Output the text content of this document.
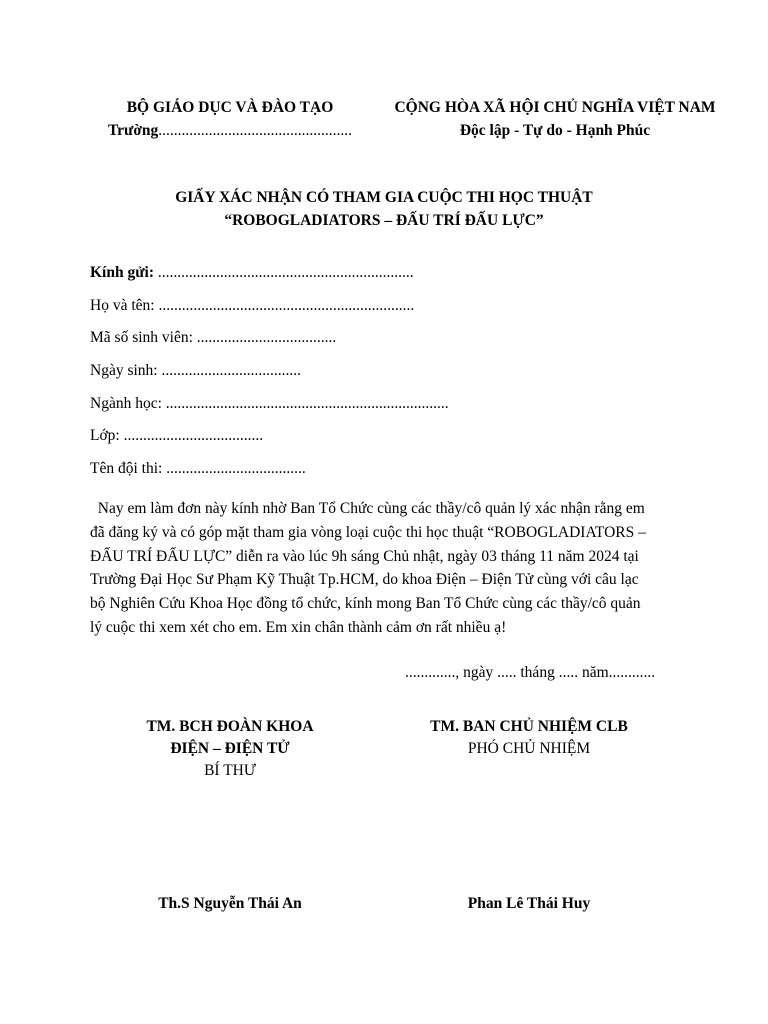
BỘ GIÁO DỤC VÀ ĐÀO TẠO
Trường..................................................
CỘNG HÒA XÃ HỘI CHỦ NGHĨA VIỆT NAM
Độc lập - Tự do - Hạnh Phúc
GIẤY XÁC NHẬN CÓ THAM GIA CUỘC THI HỌC THUẬT
“ROBOGLADIATORS – ĐẤU TRÍ ĐẤU LỰC”
Kính gửi: ..................................................................
Họ và tên: ..................................................................
Mã số sinh viên: ....................................
Ngày sinh: ....................................
Ngành học: .........................................................................
Lớp: ....................................
Tên đội thi: ....................................
Nay em làm đơn này kính nhờ Ban Tổ Chức cùng các thầy/cô quản lý xác nhận rằng em
đã đăng ký và có góp mặt tham gia vòng loại cuộc thi học thuật “ROBOGLADIATORS –
ĐẤU TRÍ ĐẤU LỰC” diễn ra vào lúc 9h sáng Chủ nhật, ngày 03 tháng 11 năm 2024 tại
Trường Đại Học Sư Phạm Kỹ Thuật Tp.HCM, do khoa Điện – Điện Tử cùng với câu lạc
bộ Nghiên Cứu Khoa Học đồng tổ chức, kính mong Ban Tổ Chức cùng các thầy/cô quản
lý cuộc thi xem xét cho em. Em xin chân thành cảm ơn rất nhiều ạ!
............., ngày ..... tháng ..... năm............
TM. BCH ĐOÀN KHOA
ĐIỆN – ĐIỆN TỬ
BÍ THƯ
TM. BAN CHỦ NHIỆM CLB
PHÓ CHỦ NHIỆM
Th.S Nguyễn Thái An	Phan Lê Thái Huy
